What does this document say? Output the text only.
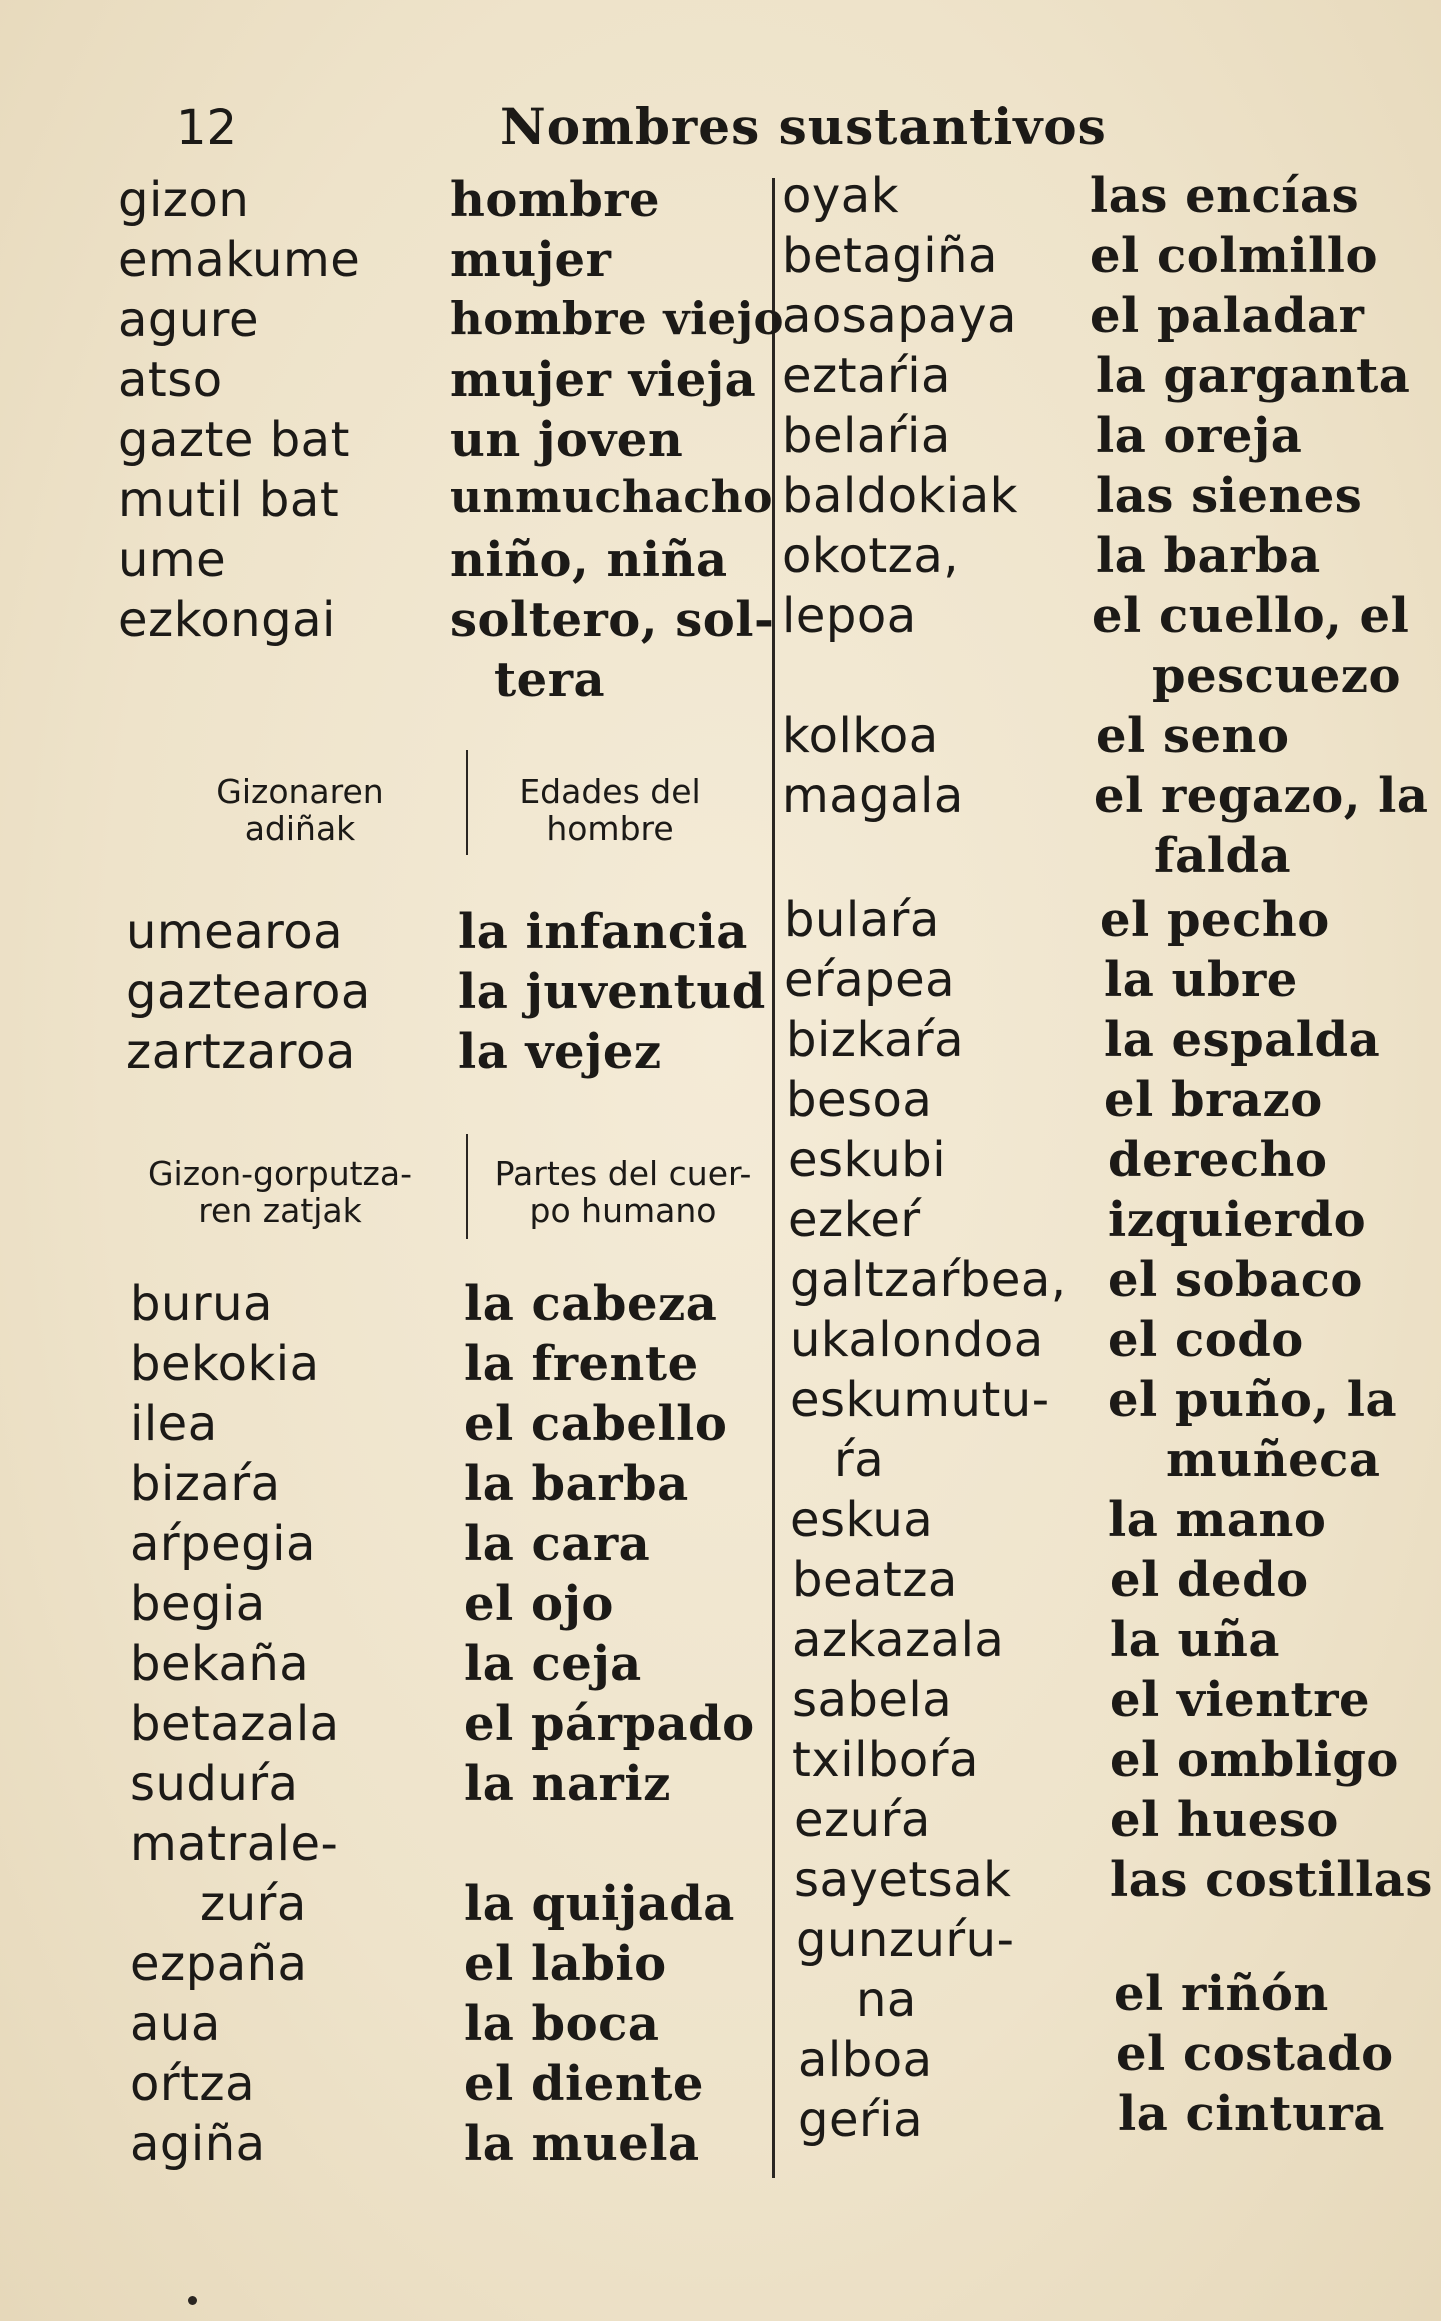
12	Nombres sustantivos
gizon	hombre
emakume mujer
agure	hombre viejo
atso	mujer vieja
gazte bat un joven
mutil bat	unmuchacho
ume	niño, niña
ezkongai soltero, sol-
tera
Gizonaren
adiñak
Edades del
hombre
umearoa la infancia
gaztearoa la juventud
zartzaroa la vejez
Gizon-gorputza-
ren zatjak
Partes del cuer-
po humano
burua	la cabeza
bekokia	la frente
ilea	el cabello
bizaŕa	la barba
aŕpegia	la cara
begia	el ojo
bekaña	la ceja
betazala	el párpado
suduŕa	la nariz
matrale-
zuŕa	la quijada
ezpaña	el labio
aua	la boca
oŕtza	el diente
agiña	la muela
oyak	las encías
betagiña el colmillo
aosapaya el paladar
eztaŕia	la garganta
belaŕia	la oreja
baldokiak las sienes
okotza,	la barba
lepoa	el cuello, el
pescuezo
kolkoa	el seno
magala	el regazo, la
falda
bulaŕa	el pecho
eŕapea	la ubre
bizkaŕa	la espalda
besoa	el brazo
eskubi	derecho
ezkeŕ	izquierdo
galtzaŕbea, el sobaco
ukalondoa el codo
eskumutu-
ŕa
el puño, la
muñeca
eskua	la mano
beatza	el dedo
azkazala la uña
sabela	el vientre
txilboŕa	el ombligo
ezuŕa	el hueso
sayetsak las costillas
gunzuŕu-
na	el riñón
alboa	el costado
geŕia	la cintura
